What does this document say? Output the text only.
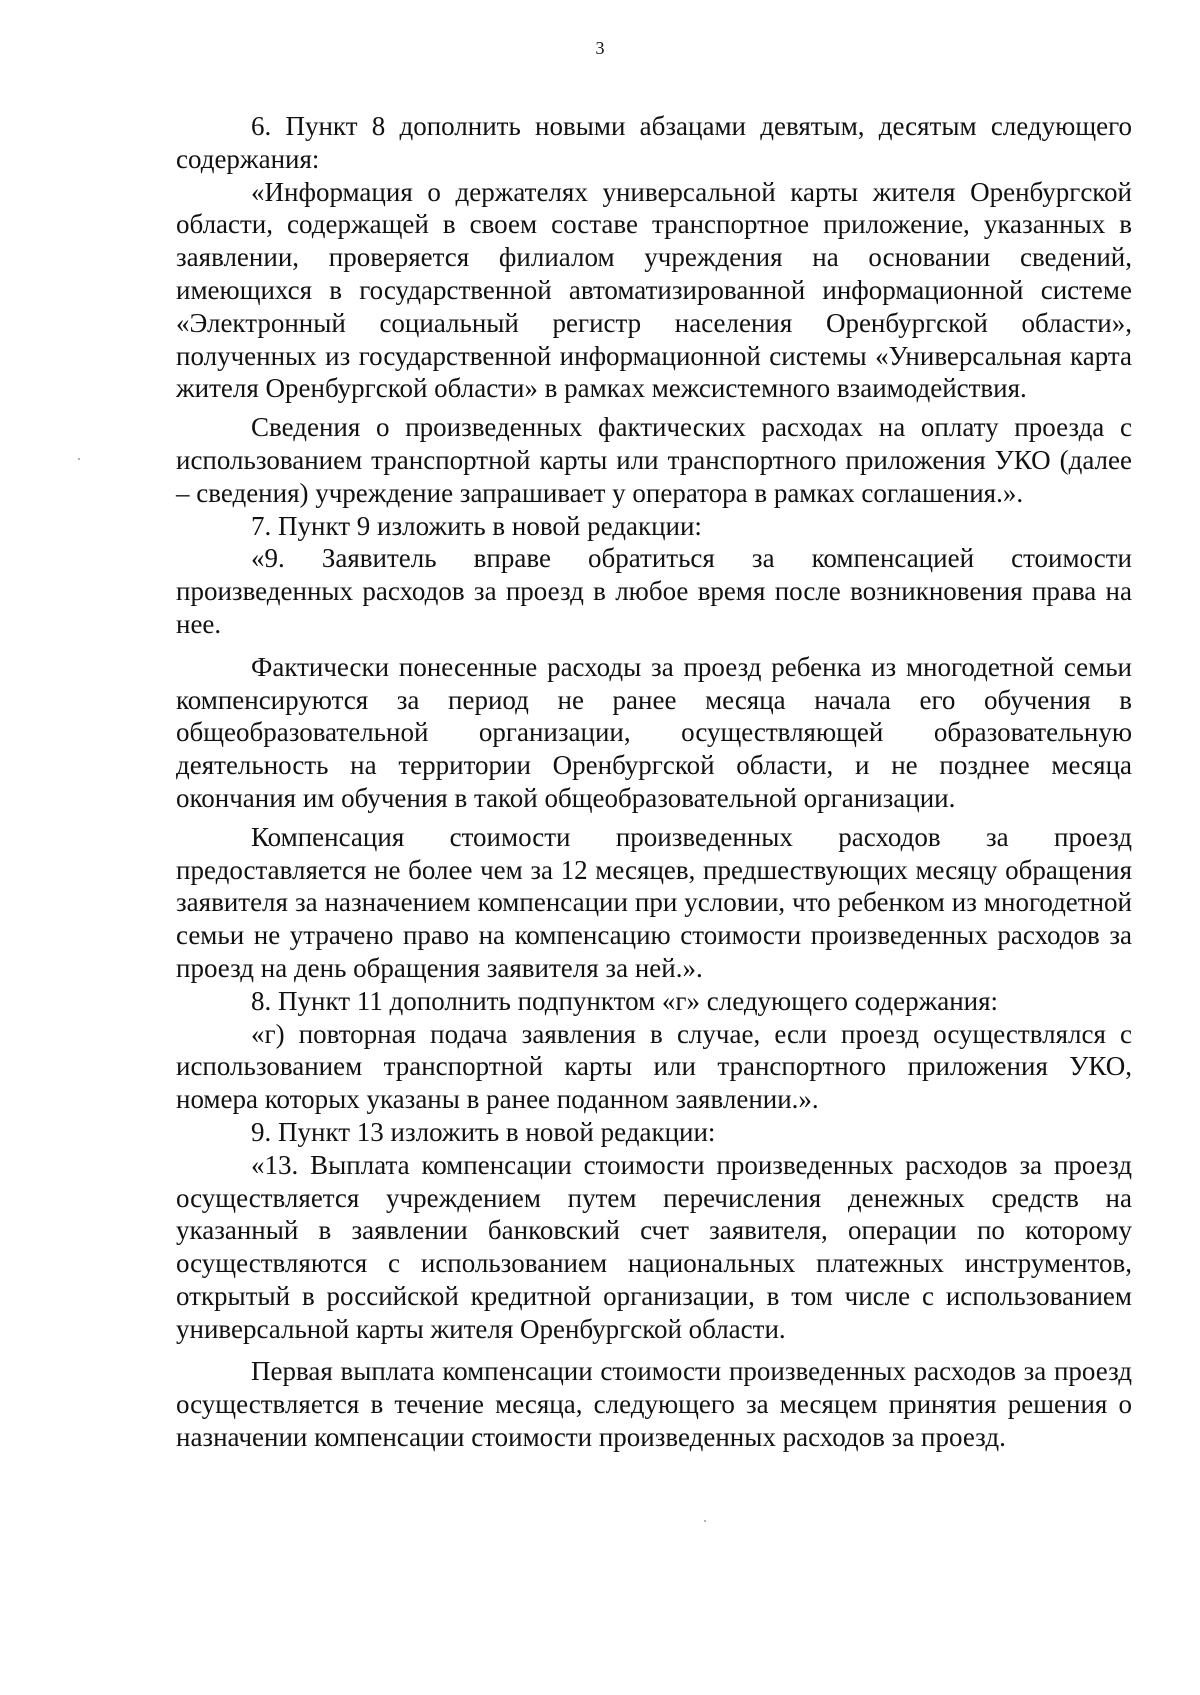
3

6. Пункт 8 дополнить новыми абзацами девятым, десятым следующего содержания:

«Информация о держателях универсальной карты жителя Оренбургской области, содержащей в своем составе транспортное приложение, указанных в заявлении, проверяется филиалом учреждения на основании сведений, имеющихся в государственной автоматизированной информационной системе «Электронный социальный регистр населения Оренбургской области», полученных из государственной информационной системы «Универсальная карта жителя Оренбургской области» в рамках межсистемного взаимодействия.

Сведения о произведенных фактических расходах на оплату проезда с использованием транспортной карты или транспортного приложения УКО (далее – сведения) учреждение запрашивает у оператора в рамках соглашения.».

7. Пункт 9 изложить в новой редакции:

«9. Заявитель вправе обратиться за компенсацией стоимости произведенных расходов за проезд в любое время после возникновения права на нее.

Фактически понесенные расходы за проезд ребенка из многодетной семьи компенсируются за период не ранее месяца начала его обучения в общеобразовательной организации, осуществляющей образовательную деятельность на территории Оренбургской области, и не позднее месяца окончания им обучения в такой общеобразовательной организации.

Компенсация стоимости произведенных расходов за проезд предоставляется не более чем за 12 месяцев, предшествующих месяцу обращения заявителя за назначением компенсации при условии, что ребенком из многодетной семьи не утрачено право на компенсацию стоимости произведенных расходов за проезд на день обращения заявителя за ней.».

8. Пункт 11 дополнить подпунктом «г» следующего содержания:

«г) повторная подача заявления в случае, если проезд осуществлялся с использованием транспортной карты или транспортного приложения УКО, номера которых указаны в ранее поданном заявлении.».

9. Пункт 13 изложить в новой редакции:

«13. Выплата компенсации стоимости произведенных расходов за проезд осуществляется учреждением путем перечисления денежных средств на указанный в заявлении банковский счет заявителя, операции по которому осуществляются с использованием национальных платежных инструментов, открытый в российской кредитной организации, в том числе с использованием универсальной карты жителя Оренбургской области.

Первая выплата компенсации стоимости произведенных расходов за проезд осуществляется в течение месяца, следующего за месяцем принятия решения о назначении компенсации стоимости произведенных расходов за проезд.
